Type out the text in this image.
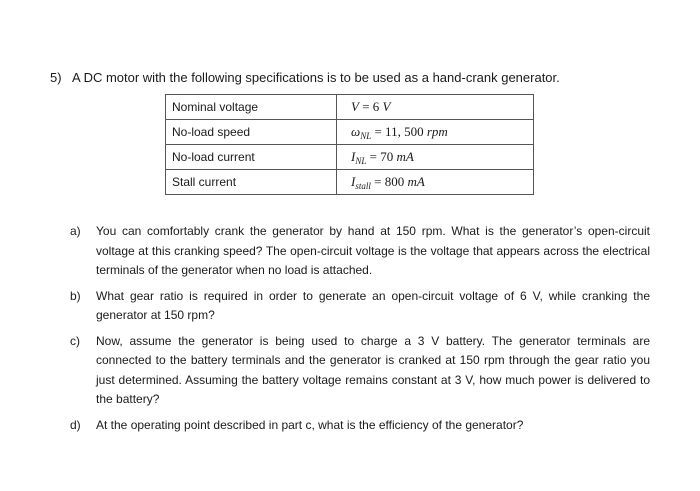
5) A DC motor with the following specifications is to be used as a hand-crank generator.
Nominal voltage	V = 6 V
No-load speed	$\omega_{NL} = 11$, 500 rpm
No-load current	$I_{NL} = 70$ mA
Stall current	$I_{stall} = 800$ mA
a)	You can comfortably crank the generator by hand at 150 rpm. What is the generator’s open-circuit voltage at this cranking speed? The open-circuit voltage is the voltage that appears across the electrical terminals of the generator when no load is attached.
b)	What gear ratio is required in order to generate an open-circuit voltage of 6 V, while cranking the generator at 150 rpm?
c)	Now, assume the generator is being used to charge a 3 V battery. The generator terminals are connected to the battery terminals and the generator is cranked at 150 rpm through the gear ratio you just determined. Assuming the battery voltage remains constant at 3 V, how much power is delivered to the battery?
d)	At the operating point described in part c, what is the efficiency of the generator?
